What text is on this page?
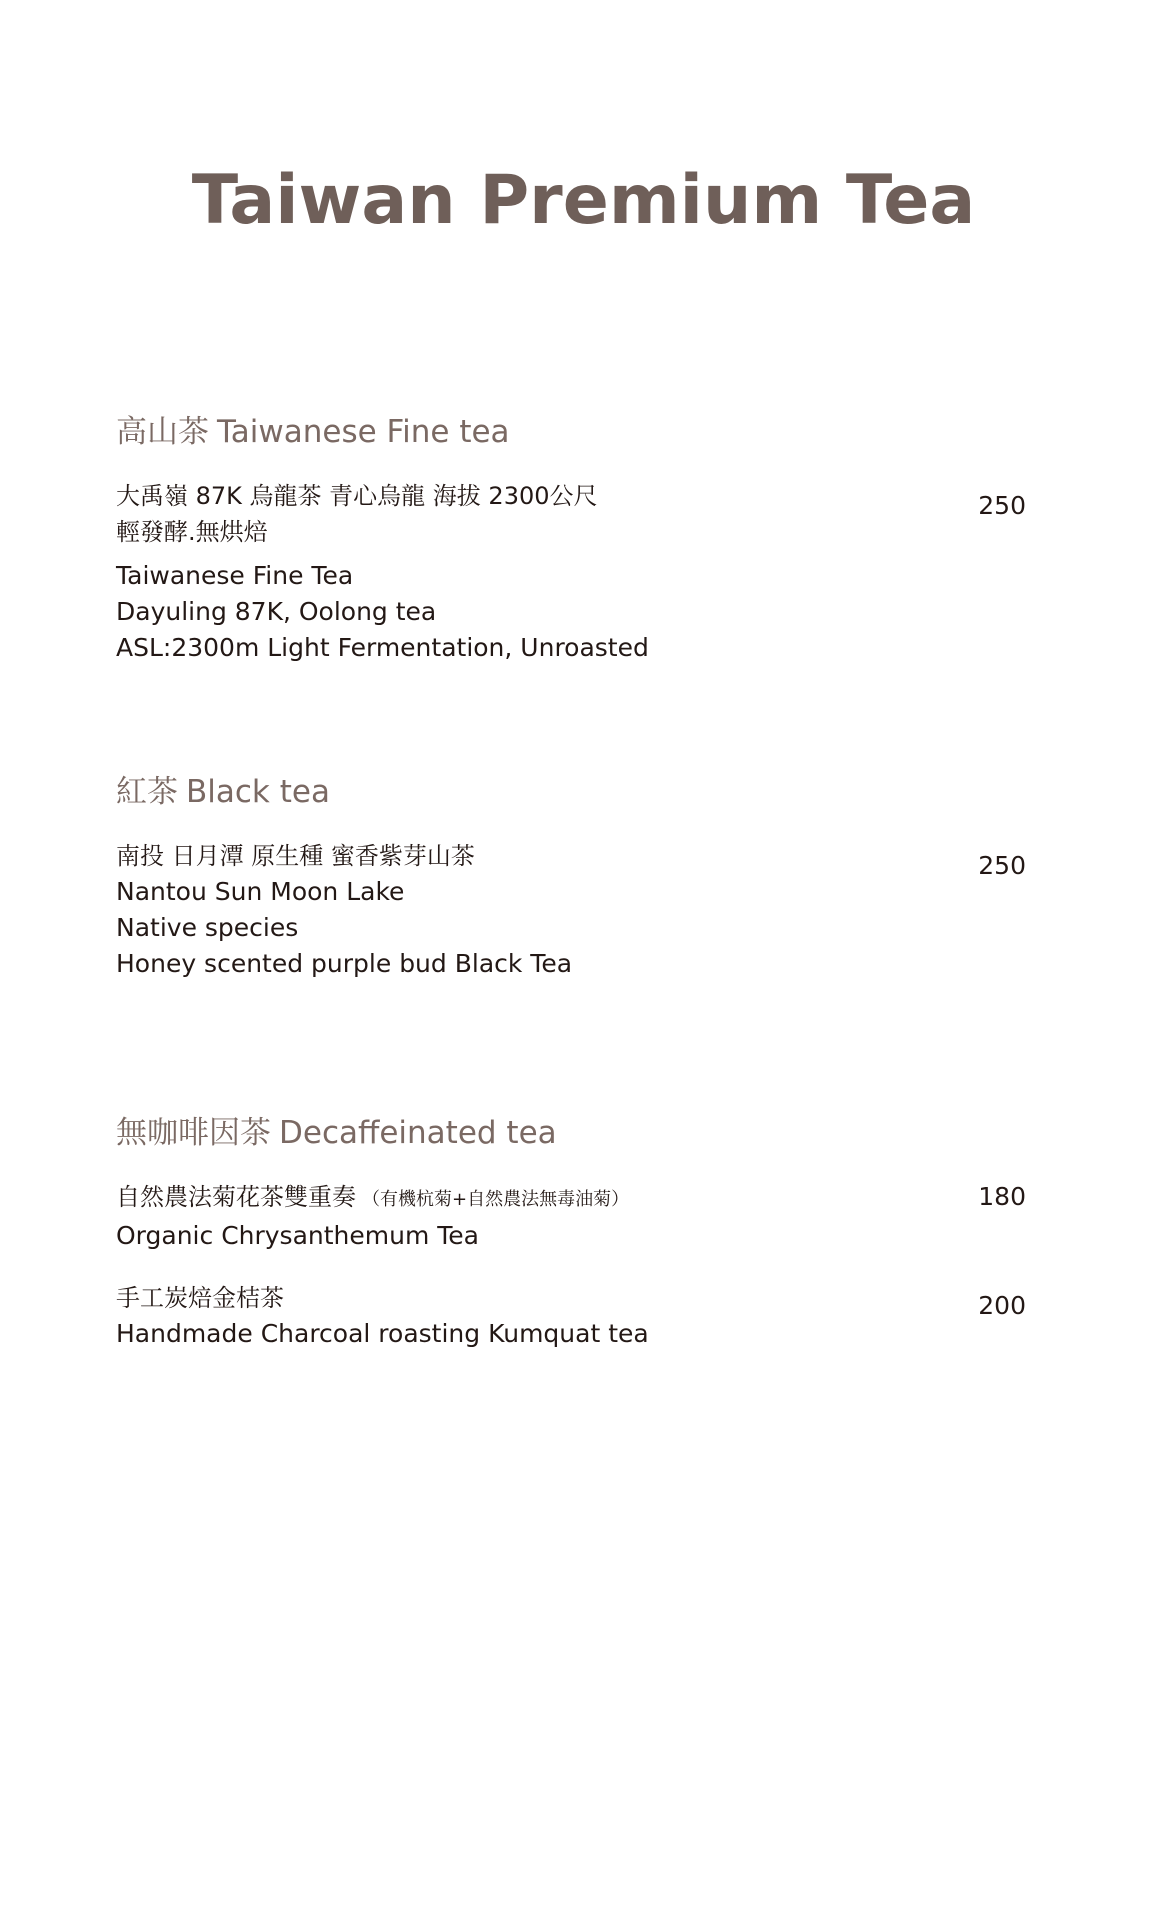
Taiwan Premium Tea
高山茶 Taiwanese Fine tea
250
大禹嶺 87K 烏龍茶 青心烏龍 海拔 2300公尺
輕發酵.無烘焙
Taiwanese Fine Tea
Dayuling 87K, Oolong tea
ASL:2300m Light Fermentation, Unroasted
紅茶 Black tea
250
南投 日月潭 原生種 蜜香紫芽山茶
Nantou Sun Moon Lake
Native species
Honey scented purple bud Black Tea
無咖啡因茶 Decaffeinated tea
180
自然農法菊花茶雙重奏 （有機杭菊+自然農法無毒油菊）
Organic Chrysanthemum Tea
200
手工炭焙金桔茶
Handmade Charcoal roasting Kumquat tea
